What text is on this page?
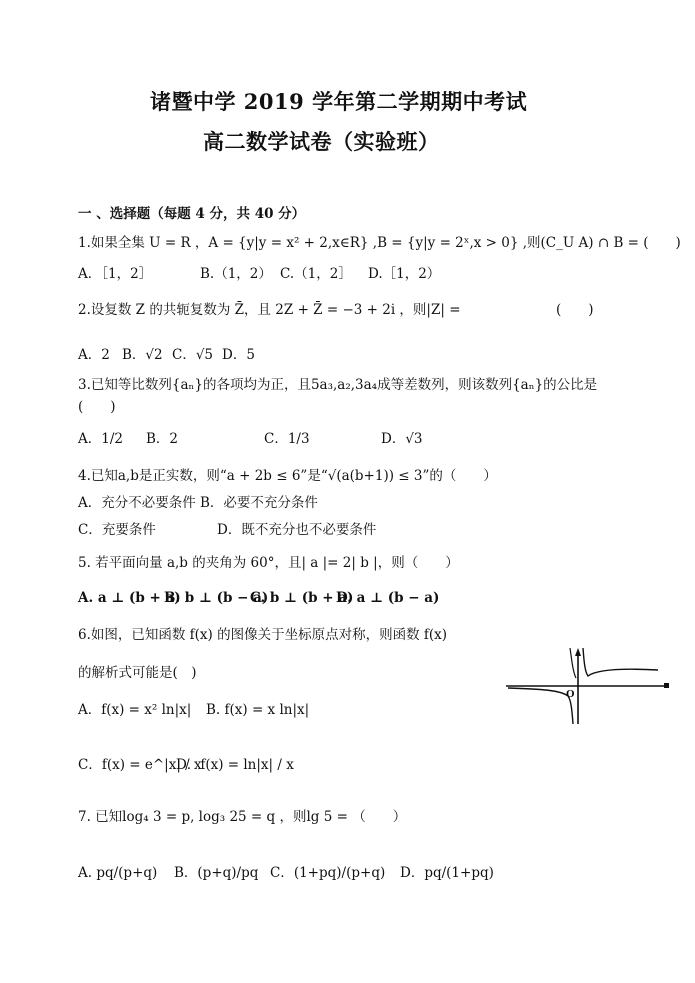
诸暨中学 2019 学年第二学期期中考试
高二数学试卷（实验班）
一 、选择题（每题 4 分，共 40 分）
1.如果全集 U = R ，A = {y|y = x² + 2,x∈R} ,B = {y|y = 2ˣ,x > 0} ,则(C_U A) ∩ B = (　　)
A．［1，2］	B.（1，2） C.（1，2］ D.［1，2）
2.设复数 Z 的共轭复数为 Z̄，且 2Z + Z̄ = −3 + 2i ，则|Z| =	(　　)
A．2 B．√2 C．√5 D．5
3.已知等比数列{aₙ}的各项均为正，且5a₃,a₂,3a₄成等差数列，则该数列{aₙ}的公比是
(　　)
A．1/2 B．2	C．1/3	D．√3
4.已知a,b是正实数，则“a + 2b ≤ 6”是“√(a(b+1)) ≤ 3”的（　　）
A．充分不必要条件 B．必要不充分条件
C．充要条件	D．既不充分也不必要条件
5. 若平面向量 a,b 的夹角为 60°，且| a |= 2| b |，则（　　）
A. a ⊥ (b + a)
B. b ⊥ (b − a)
C. b ⊥ (b + a)
D. a ⊥ (b − a)
6.如图，已知函数 f(x) 的图像关于坐标原点对称，则函数 f(x)
的解析式可能是(　)
A．f(x) = x² ln|x| B. f(x) = x ln|x|
C．f(x) = e^|x| / x
D．f(x) = ln|x| / x
O
7. 已知log₄ 3 = p, log₃ 25 = q ，则lg 5 = （　　）
A. pq/(p+q) B．(p+q)/pq C．(1+pq)/(p+q) D．pq/(1+pq)
